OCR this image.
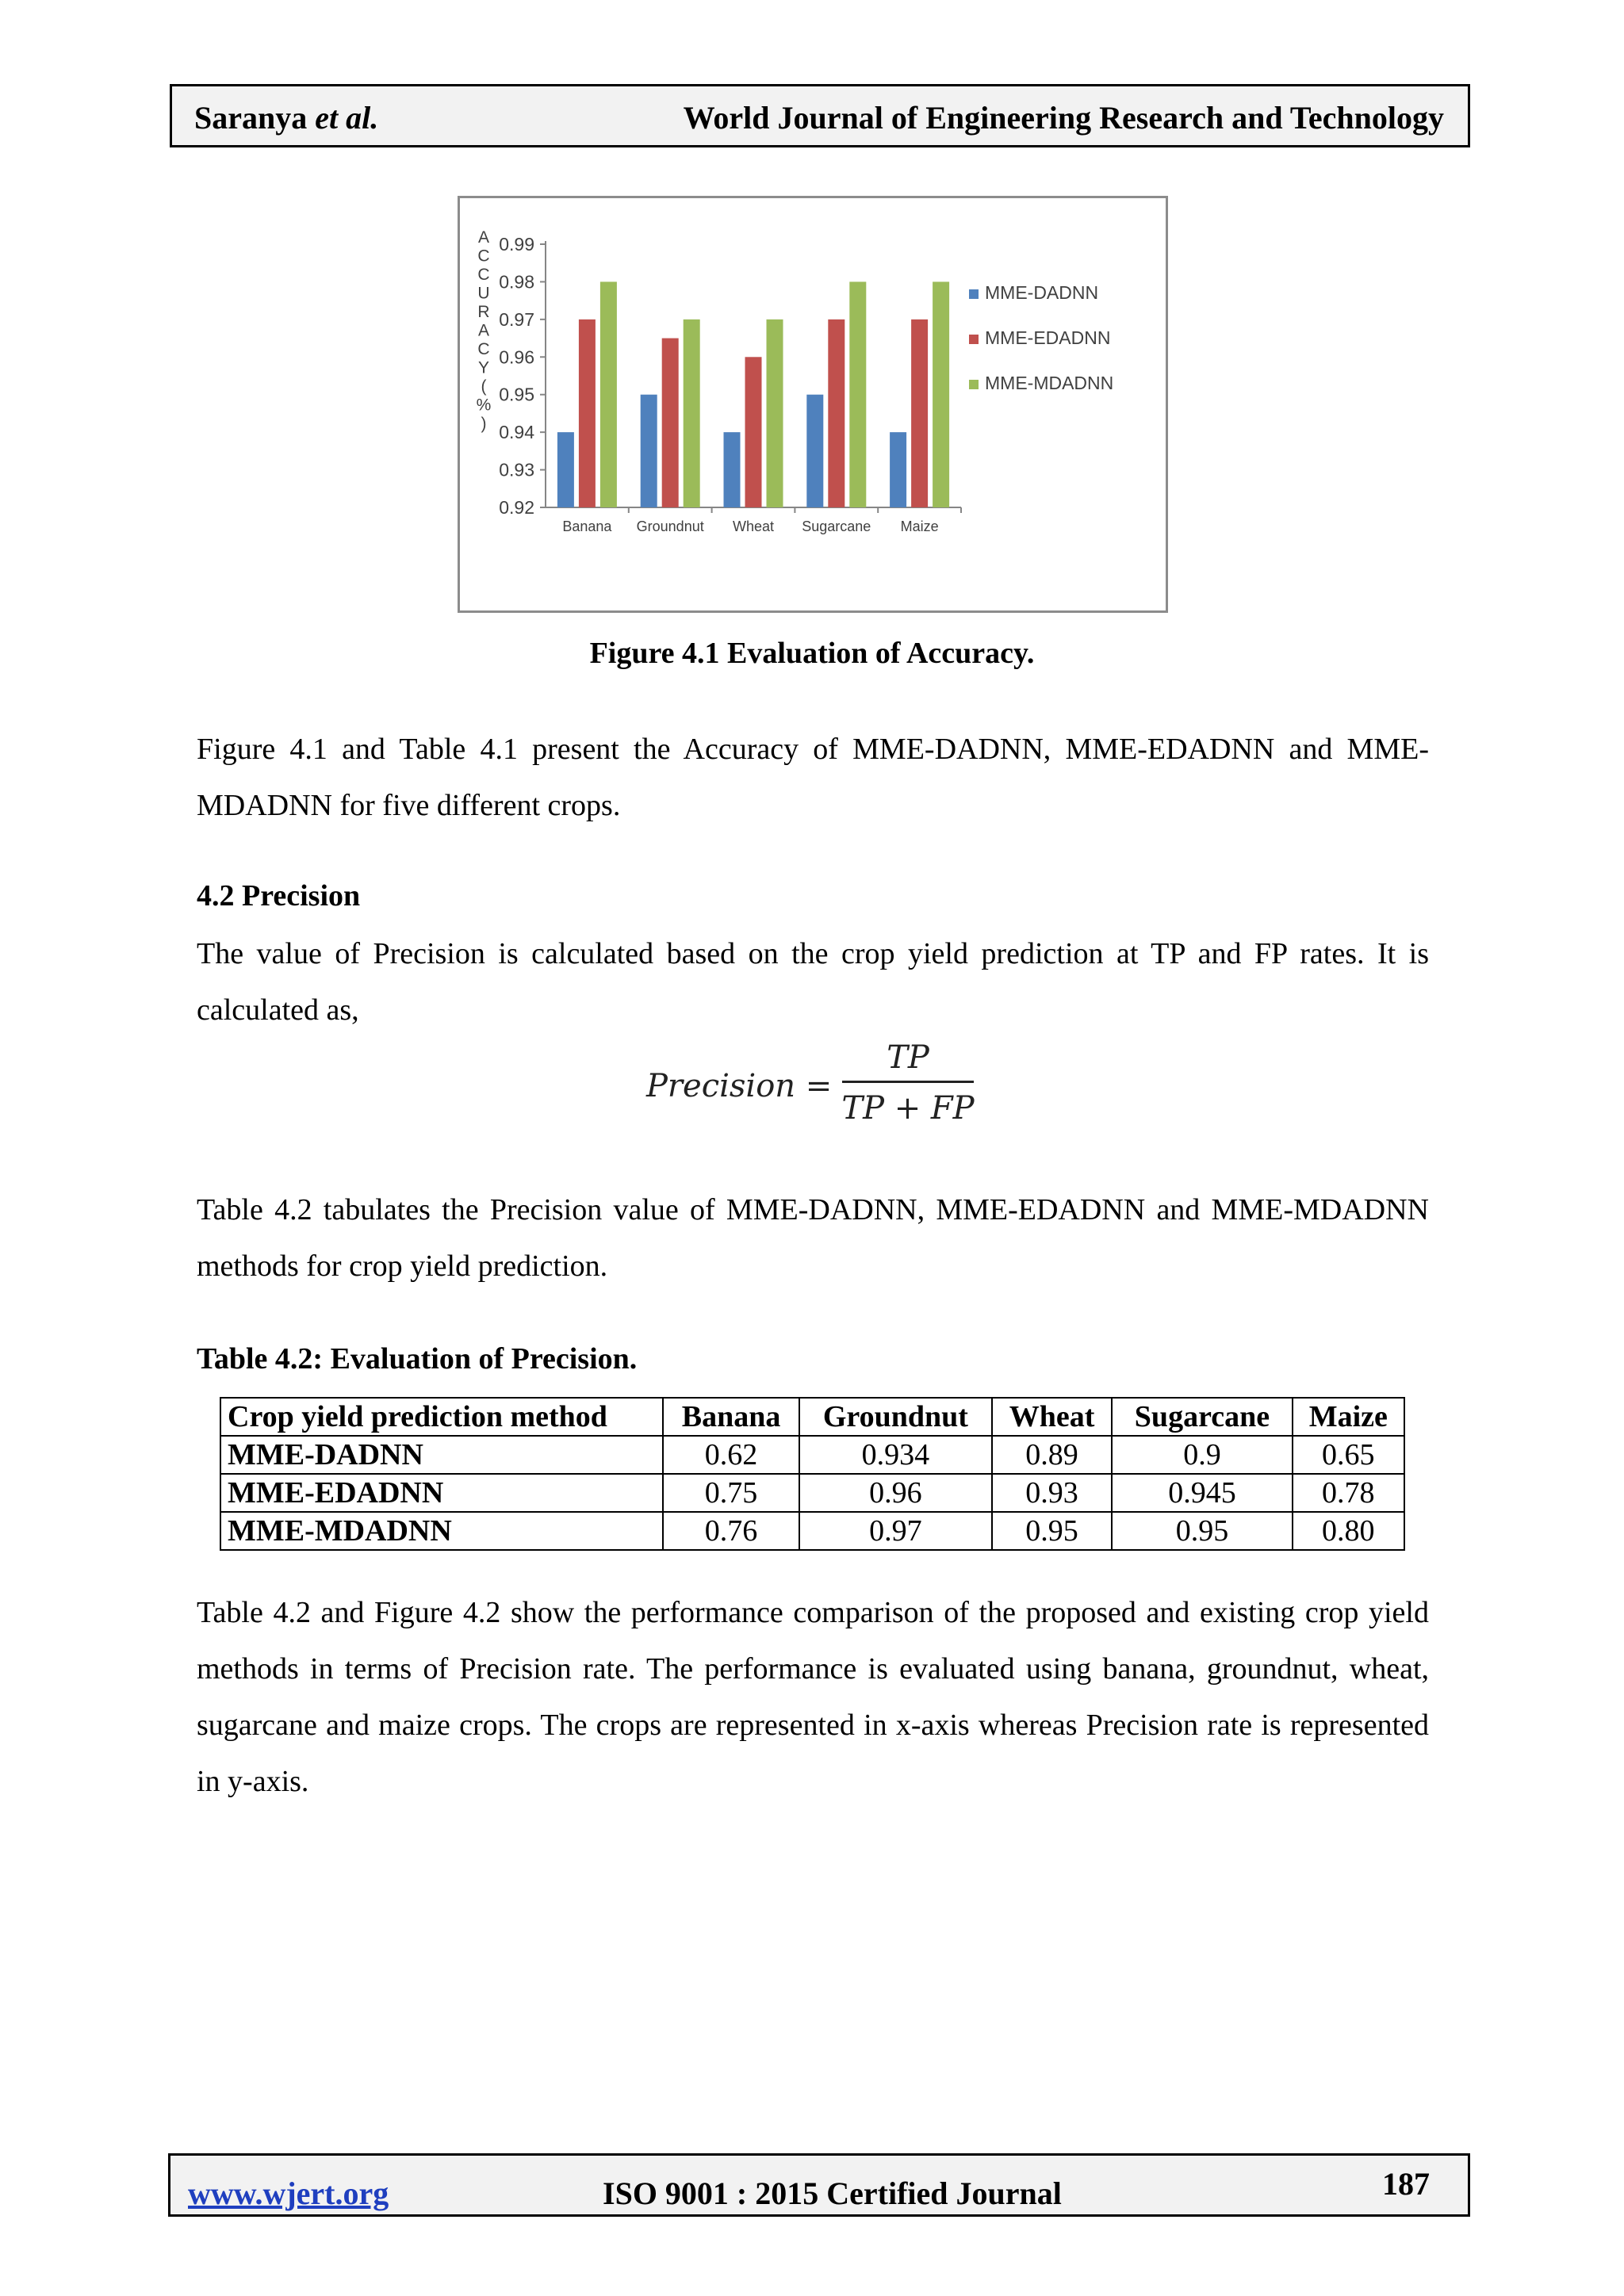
Saranya et al.	World Journal of Engineering Research and Technology
A
C
C
U
R
A
C
Y
(
%
)
0.99
0.98
0.97
0.96
0.95
0.94
0.93
0.92
Banana Groundnut Wheat Sugarcane Maize
MME-DADNN
MME-EDADNN
MME-MDADNN
Figure 4.1 Evaluation of Accuracy.

Figure 4.1 and Table 4.1 present the Accuracy of MME-DADNN, MME-EDADNN and MME-MDADNN for five different crops.

4.2 Precision

The value of Precision is calculated based on the crop yield prediction at TP and FP rates. It is calculated as,

Precision =
TP
TP + FP

Table 4.2 tabulates the Precision value of MME-DADNN, MME-EDADNN and MME-MDADNN methods for crop yield prediction.

Table 4.2: Evaluation of Precision.
Crop yield prediction method	Banana	Groundnut	Wheat	Sugarcane	Maize
MME-DADNN	0.62	0.934	0.89	0.9	0.65
MME-EDADNN	0.75	0.96	0.93	0.945	0.78
MME-MDADNN	0.76	0.97	0.95	0.95	0.80

Table 4.2 and Figure 4.2 show the performance comparison of the proposed and existing crop yield methods in terms of Precision rate. The performance is evaluated using banana, groundnut, wheat, sugarcane and maize crops. The crops are represented in x-axis whereas Precision rate is represented in y-axis.

www.wjert.org	ISO 9001 : 2015 Certified Journal	187
